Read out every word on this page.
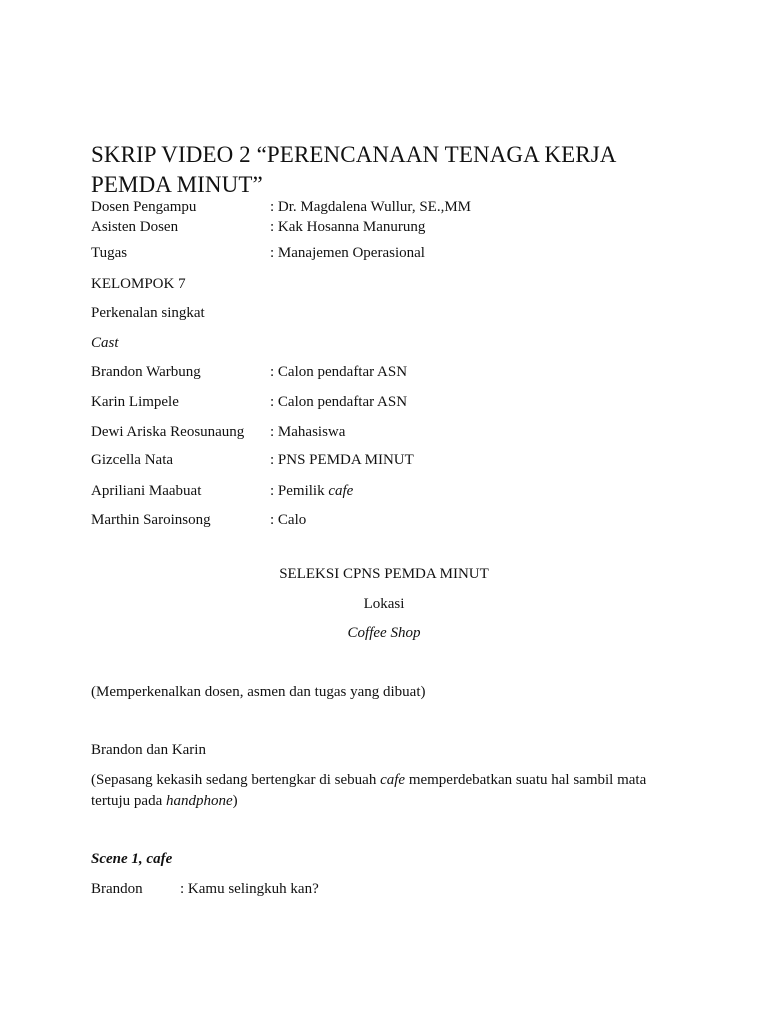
SKRIP VIDEO 2 “PERENCANAAN TENAGA KERJA
PEMDA MINUT”
Dosen Pengampu	: Dr. Magdalena Wullur, SE.,MM
Asisten Dosen	: Kak Hosanna Manurung
Tugas	: Manajemen Operasional
KELOMPOK 7
Perkenalan singkat
Cast
Brandon Warbung	: Calon pendaftar ASN
Karin Limpele	: Calon pendaftar ASN
Dewi Ariska Reosunaung : Mahasiswa
Gizcella Nata	: PNS PEMDA MINUT
Apriliani Maabuat	: Pemilik cafe
Marthin Saroinsong	: Calo
SELEKSI CPNS PEMDA MINUT
Lokasi
Coffee Shop
(Memperkenalkan dosen, asmen dan tugas yang dibuat)
Brandon dan Karin
(Sepasang kekasih sedang bertengkar di sebuah cafe memperdebatkan suatu hal sambil mata
tertuju pada handphone)
Scene 1, cafe
Brandon : Kamu selingkuh kan?
